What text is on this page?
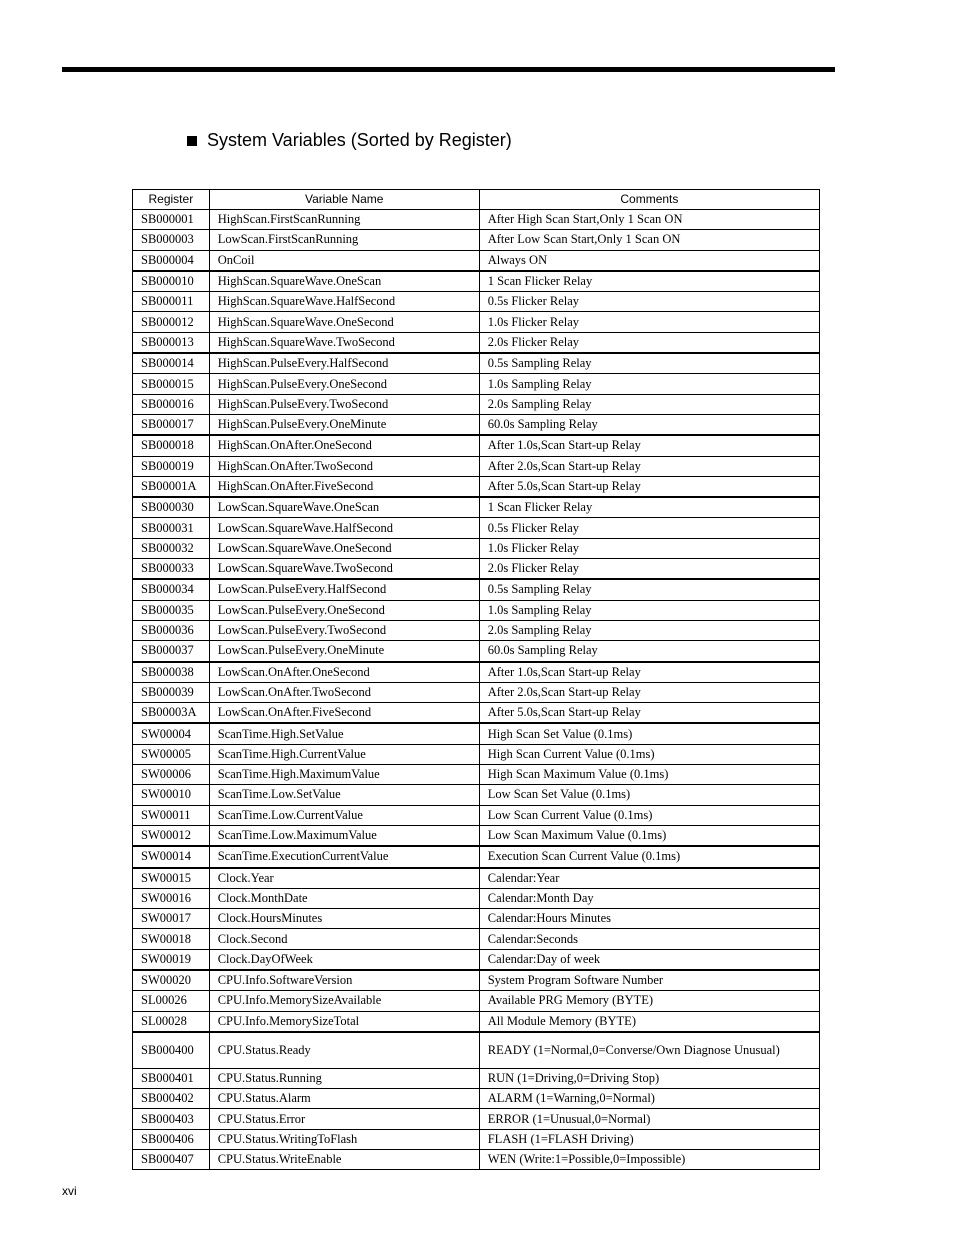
System Variables (Sorted by Register)
Register	Variable Name	Comments
SB000001	HighScan.FirstScanRunning	After High Scan Start,Only 1 Scan ON
SB000003	LowScan.FirstScanRunning	After Low Scan Start,Only 1 Scan ON
SB000004	OnCoil	Always ON
SB000010	HighScan.SquareWave.OneScan	1 Scan Flicker Relay
SB000011	HighScan.SquareWave.HalfSecond	0.5s Flicker Relay
SB000012	HighScan.SquareWave.OneSecond	1.0s Flicker Relay
SB000013	HighScan.SquareWave.TwoSecond	2.0s Flicker Relay
SB000014	HighScan.PulseEvery.HalfSecond	0.5s Sampling Relay
SB000015	HighScan.PulseEvery.OneSecond	1.0s Sampling Relay
SB000016	HighScan.PulseEvery.TwoSecond	2.0s Sampling Relay
SB000017	HighScan.PulseEvery.OneMinute	60.0s Sampling Relay
SB000018	HighScan.OnAfter.OneSecond	After 1.0s,Scan Start-up Relay
SB000019	HighScan.OnAfter.TwoSecond	After 2.0s,Scan Start-up Relay
SB00001A	HighScan.OnAfter.FiveSecond	After 5.0s,Scan Start-up Relay
SB000030	LowScan.SquareWave.OneScan	1 Scan Flicker Relay
SB000031	LowScan.SquareWave.HalfSecond	0.5s Flicker Relay
SB000032	LowScan.SquareWave.OneSecond	1.0s Flicker Relay
SB000033	LowScan.SquareWave.TwoSecond	2.0s Flicker Relay
SB000034	LowScan.PulseEvery.HalfSecond	0.5s Sampling Relay
SB000035	LowScan.PulseEvery.OneSecond	1.0s Sampling Relay
SB000036	LowScan.PulseEvery.TwoSecond	2.0s Sampling Relay
SB000037	LowScan.PulseEvery.OneMinute	60.0s Sampling Relay
SB000038	LowScan.OnAfter.OneSecond	After 1.0s,Scan Start-up Relay
SB000039	LowScan.OnAfter.TwoSecond	After 2.0s,Scan Start-up Relay
SB00003A	LowScan.OnAfter.FiveSecond	After 5.0s,Scan Start-up Relay
SW00004	ScanTime.High.SetValue	High Scan Set Value (0.1ms)
SW00005	ScanTime.High.CurrentValue	High Scan Current Value (0.1ms)
SW00006	ScanTime.High.MaximumValue	High Scan Maximum Value (0.1ms)
SW00010	ScanTime.Low.SetValue	Low Scan Set Value (0.1ms)
SW00011	ScanTime.Low.CurrentValue	Low Scan Current Value (0.1ms)
SW00012	ScanTime.Low.MaximumValue	Low Scan Maximum Value (0.1ms)
SW00014	ScanTime.ExecutionCurrentValue	Execution Scan Current Value (0.1ms)
SW00015	Clock.Year	Calendar:Year
SW00016	Clock.MonthDate	Calendar:Month Day
SW00017	Clock.HoursMinutes	Calendar:Hours Minutes
SW00018	Clock.Second	Calendar:Seconds
SW00019	Clock.DayOfWeek	Calendar:Day of week
SW00020	CPU.Info.SoftwareVersion	System Program Software Number
SL00026	CPU.Info.MemorySizeAvailable	Available PRG Memory (BYTE)
SL00028	CPU.Info.MemorySizeTotal	All Module Memory (BYTE)
SB000400	CPU.Status.Ready	READY (1=Normal,0=Converse/Own Diagnose Unusual)
SB000401	CPU.Status.Running	RUN (1=Driving,0=Driving Stop)
SB000402	CPU.Status.Alarm	ALARM (1=Warning,0=Normal)
SB000403	CPU.Status.Error	ERROR (1=Unusual,0=Normal)
SB000406	CPU.Status.WritingToFlash	FLASH (1=FLASH Driving)
SB000407	CPU.Status.WriteEnable	WEN (Write:1=Possible,0=Impossible)
xvi
